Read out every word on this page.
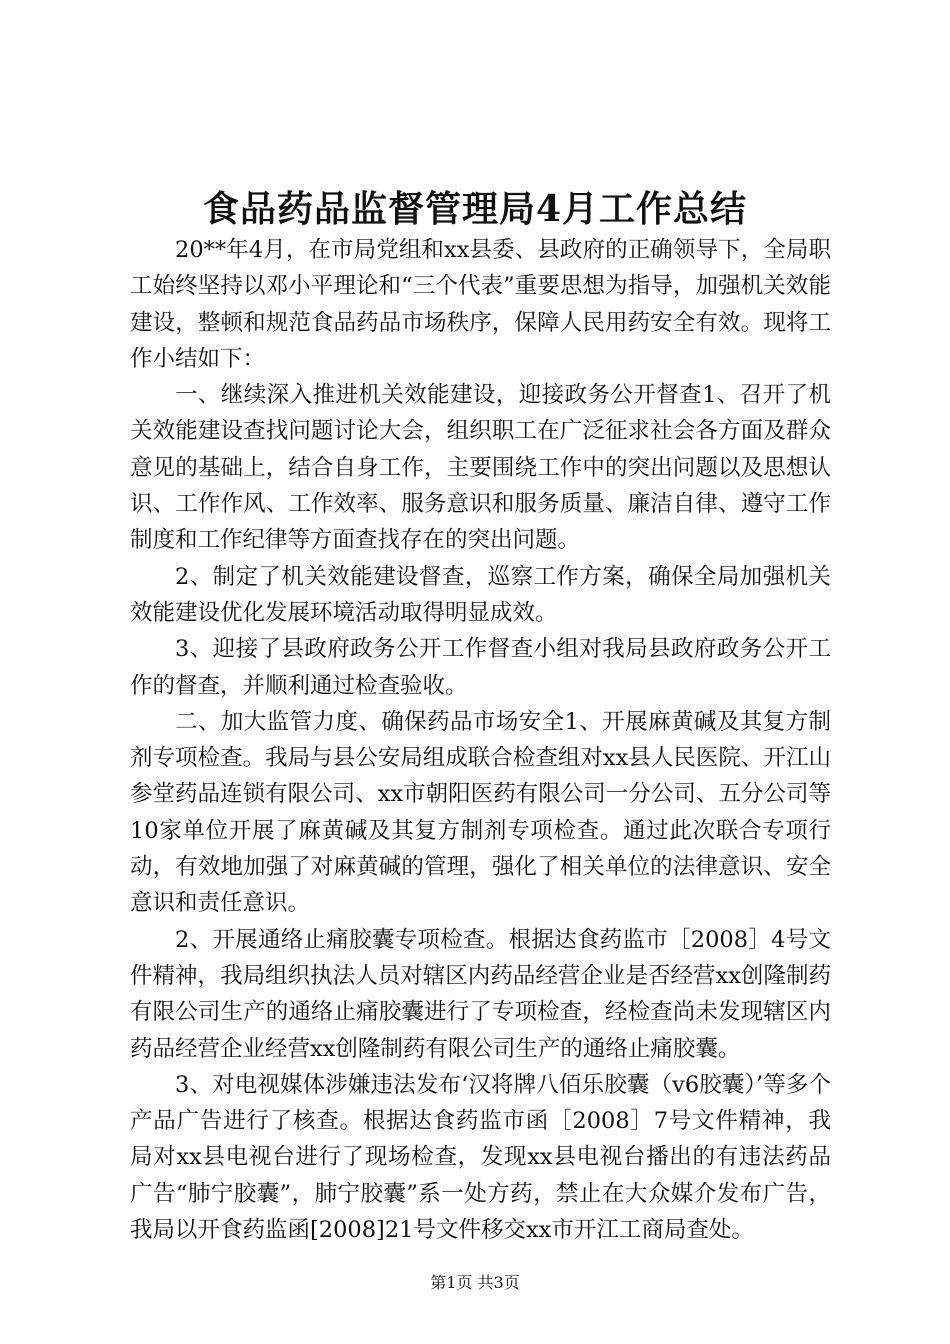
食品药品监督管理局4月工作总结

20**年4月，在市局党组和xx县委、县政府的正确领导下，全局职工始终坚持以邓小平理论和“三个代表”重要思想为指导，加强机关效能建设，整顿和规范食品药品市场秩序，保障人民用药安全有效。现将工作小结如下：

一、继续深入推进机关效能建设，迎接政务公开督查1、召开了机关效能建设查找问题讨论大会，组织职工在广泛征求社会各方面及群众意见的基础上，结合自身工作，主要围绕工作中的突出问题以及思想认识、工作作风、工作效率、服务意识和服务质量、廉洁自律、遵守工作制度和工作纪律等方面查找存在的突出问题。

2、制定了机关效能建设督查，巡察工作方案，确保全局加强机关效能建设优化发展环境活动取得明显成效。

3、迎接了县政府政务公开工作督查小组对我局县政府政务公开工作的督查，并顺利通过检查验收。

二、加大监管力度、确保药品市场安全1、开展麻黄碱及其复方制剂专项检查。我局与县公安局组成联合检查组对xx县人民医院、开江山参堂药品连锁有限公司、xx市朝阳医药有限公司一分公司、五分公司等10家单位开展了麻黄碱及其复方制剂专项检查。通过此次联合专项行动，有效地加强了对麻黄碱的管理，强化了相关单位的法律意识、安全意识和责任意识。

2、开展通络止痛胶囊专项检查。根据达食药监市［2008］4号文件精神，我局组织执法人员对辖区内药品经营企业是否经营xx创隆制药有限公司生产的通络止痛胶囊进行了专项检查，经检查尚未发现辖区内药品经营企业经营xx创隆制药有限公司生产的通络止痛胶囊。

3、对电视媒体涉嫌违法发布‘汉将牌八佰乐胶囊（v6胶囊）’等多个产品广告进行了核查。根据达食药监市函［2008］7号文件精神，我局对xx县电视台进行了现场检查，发现xx县电视台播出的有违法药品广告“肺宁胶囊”，肺宁胶囊”系一处方药，禁止在大众媒介发布广告，我局以开食药监函[2008]21号文件移交xx市开江工商局查处。

第1页 共3页
